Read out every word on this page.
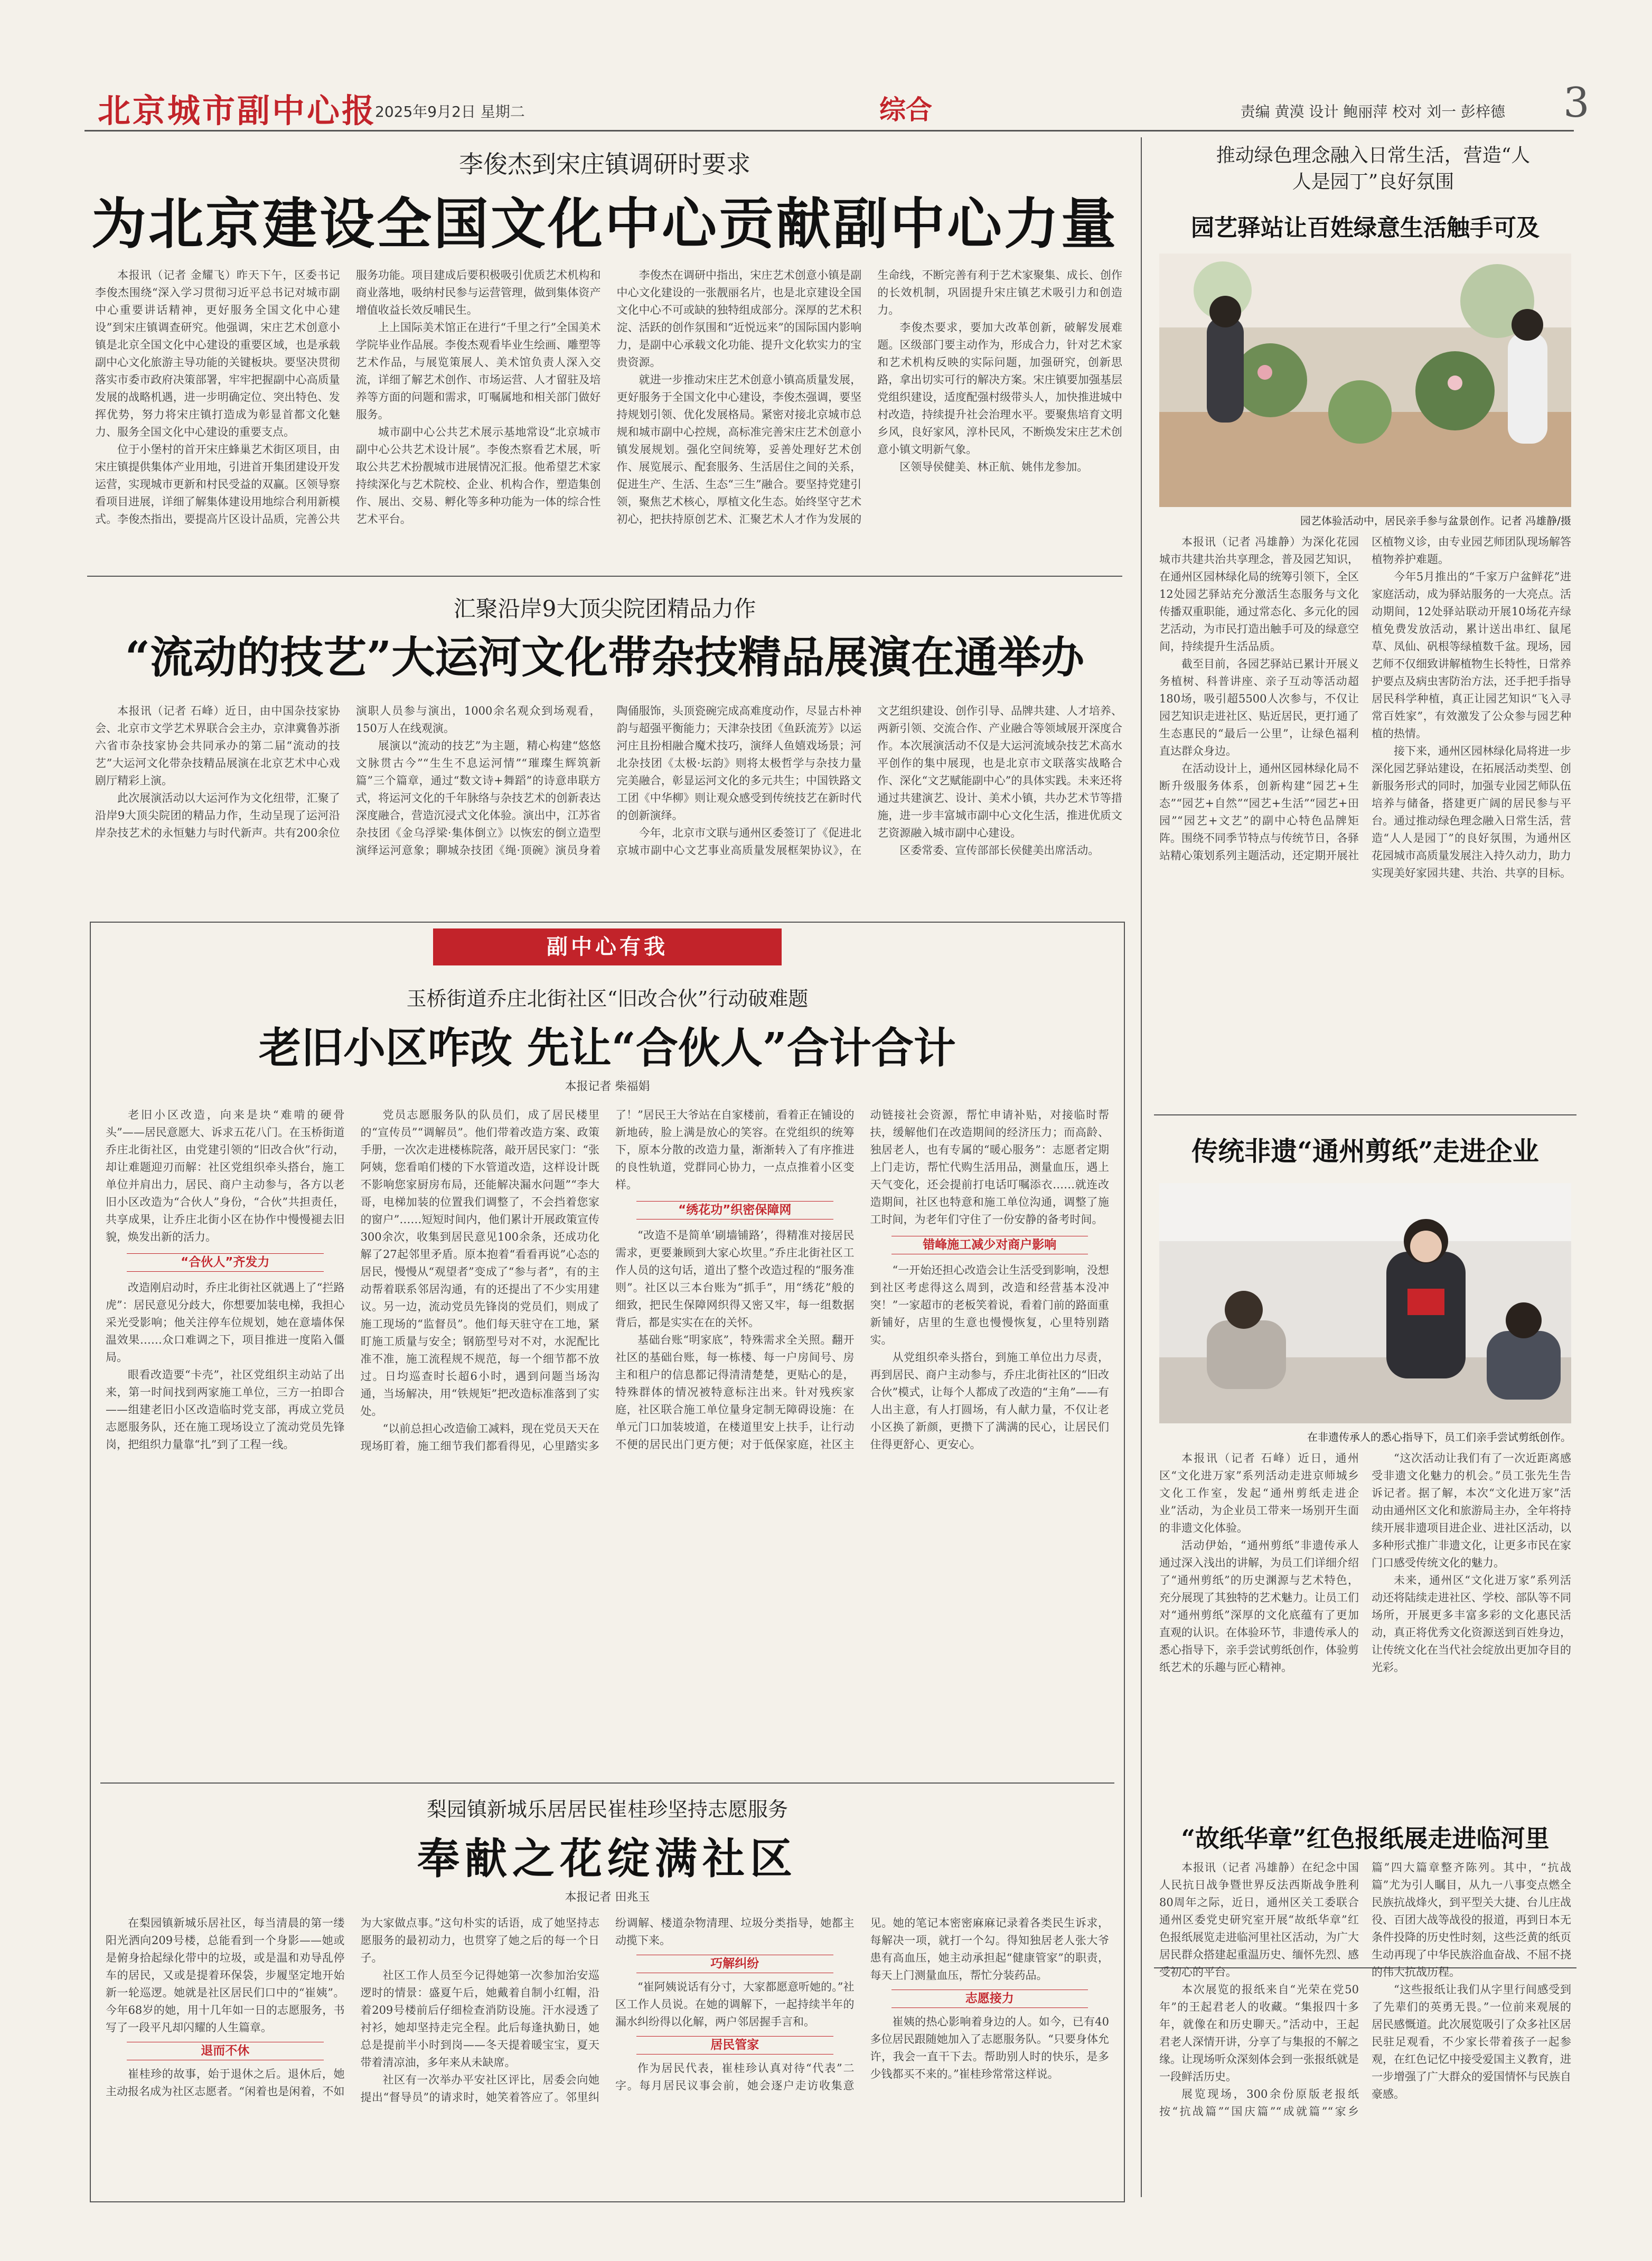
北京城市副中心报
2025年9月2日 星期二	综合	责编 黄漠 设计 鲍丽萍 校对 刘一 彭梓德 3
李俊杰到宋庄镇调研时要求
为北京建设全国文化中心贡献副中心力量

本报讯（记者 金耀飞）昨天下午，区委书记李俊杰围绕“深入学习贯彻习近平总书记对城市副中心重要讲话精神，更好服务全国文化中心建设”到宋庄镇调查研究。他强调，宋庄艺术创意小镇是北京全国文化中心建设的重要区域，也是承载副中心文化旅游主导功能的关键板块。要坚决贯彻落实市委市政府决策部署，牢牢把握副中心高质量发展的战略机遇，进一步明确定位、突出特色、发挥优势，努力将宋庄镇打造成为彰显首都文化魅力、服务全国文化中心建设的重要支点。

位于小堡村的首开宋庄蜂巢艺术街区项目，由宋庄镇提供集体产业用地，引进首开集团建设开发运营，实现城市更新和村民受益的双赢。区领导察看项目进展，详细了解集体建设用地综合利用新模式。李俊杰指出，要提高片区设计品质，完善公共服务功能。项目建成后要积极吸引优质艺术机构和商业落地，吸纳村民参与运营管理，做到集体资产增值收益长效反哺民生。

上上国际美术馆正在进行“千里之行”全国美术学院毕业作品展。李俊杰观看毕业生绘画、雕塑等艺术作品，与展览策展人、美术馆负责人深入交流，详细了解艺术创作、市场运营、人才留驻及培养等方面的问题和需求，叮嘱属地和相关部门做好服务。

城市副中心公共艺术展示基地常设“北京城市副中心公共艺术设计展”。李俊杰察看艺术展，听取公共艺术扮靓城市进展情况汇报。他希望艺术家持续深化与艺术院校、企业、机构合作，塑造集创作、展出、交易、孵化等多种功能为一体的综合性艺术平台。

李俊杰在调研中指出，宋庄艺术创意小镇是副中心文化建设的一张靓丽名片，也是北京建设全国文化中心不可或缺的独特组成部分。深厚的艺术积淀、活跃的创作氛围和“近悦远来”的国际国内影响力，是副中心承载文化功能、提升文化软实力的宝贵资源。

就进一步推动宋庄艺术创意小镇高质量发展，更好服务于全国文化中心建设，李俊杰强调，要坚持规划引领、优化发展格局。紧密对接北京城市总规和城市副中心控规，高标准完善宋庄艺术创意小镇发展规划。强化空间统筹，妥善处理好艺术创作、展览展示、配套服务、生活居住之间的关系，促进生产、生活、生态“三生”融合。要坚持党建引领，聚焦艺术核心，厚植文化生态。始终坚守艺术初心，把扶持原创艺术、汇聚艺术人才作为发展的生命线，不断完善有利于艺术家聚集、成长、创作的长效机制，巩固提升宋庄镇艺术吸引力和创造力。

李俊杰要求，要加大改革创新，破解发展难题。区级部门要主动作为，形成合力，针对艺术家和艺术机构反映的实际问题，加强研究，创新思路，拿出切实可行的解决方案。宋庄镇要加强基层党组织建设，适度配强村级带头人，加快推进城中村改造，持续提升社会治理水平。要聚焦培育文明乡风，良好家风，淳朴民风，不断焕发宋庄艺术创意小镇文明新气象。

区领导侯健美、林正航、姚伟龙参加。

汇聚沿岸9大顶尖院团精品力作
“流动的技艺”大运河文化带杂技精品展演在通举办

本报讯（记者 石峰）近日，由中国杂技家协会、北京市文学艺术界联合会主办，京津冀鲁苏浙六省市杂技家协会共同承办的第二届“流动的技艺”大运河文化带杂技精品展演在北京艺术中心戏剧厅精彩上演。

此次展演活动以大运河作为文化纽带，汇聚了沿岸9大顶尖院团的精品力作，生动呈现了运河沿岸杂技艺术的永恒魅力与时代新声。共有200余位演职人员参与演出，1000余名观众到场观看，150万人在线观演。

展演以“流动的技艺”为主题，精心构建“悠悠文脉贯古今”“生生不息运河情”“璀璨生辉筑新篇”三个篇章，通过“数文诗+舞蹈”的诗意串联方式，将运河文化的千年脉络与杂技艺术的创新表达深度融合，营造沉浸式文化体验。演出中，江苏省杂技团《金乌浮梁·集体倒立》以恢宏的倒立造型演绎运河意象；聊城杂技团《绳·顶碗》演员身着陶俑服饰，头顶瓷碗完成高难度动作，尽显古朴神韵与超强平衡能力；天津杂技团《鱼跃流芳》以运河庄且扮相融合魔术技巧，演绎人鱼嬉戏场景；河北杂技团《太极·坛韵》则将太极哲学与杂技力量完美融合，彰显运河文化的多元共生；中国铁路文工团《中华柳》则让观众感受到传统技艺在新时代的创新演绎。

今年，北京市文联与通州区委签订了《促进北京城市副中心文艺事业高质量发展框架协议》，在文艺组织建设、创作引导、品牌共建、人才培养、两新引领、交流合作、产业融合等领域展开深度合作。本次展演活动不仅是大运河流域杂技艺术高水平创作的集中展现，也是北京市文联落实战略合作、深化“文艺赋能副中心”的具体实践。未来还将通过共建演艺、设计、美术小镇，共办艺术节等措施，进一步丰富城市副中心文化生活，推进优质文艺资源融入城市副中心建设。

区委常委、宣传部部长侯健美出席活动。

副中心有我
玉桥街道乔庄北街社区“旧改合伙”行动破难题
老旧小区咋改 先让“合伙人”合计合计
本报记者 柴福娟

老旧小区改造，向来是块“难啃的硬骨头”——居民意愿大、诉求五花八门。在玉桥街道乔庄北街社区，由党建引领的“旧改合伙”行动，却让难题迎刃而解：社区党组织牵头搭台，施工单位并肩出力，居民、商户主动参与，各方以老旧小区改造为“合伙人”身份，“合伙”共担责任，共享成果，让乔庄北街小区在协作中慢慢褪去旧貌，焕发出新的活力。

“合伙人”齐发力

改造刚启动时，乔庄北街社区就遇上了“拦路虎”：居民意见分歧大，你想要加装电梯，我担心采光受影响；他关注停车位规划，她在意墙体保温效果……众口难调之下，项目推进一度陷入僵局。

眼看改造要“卡壳”，社区党组织主动站了出来，第一时间找到两家施工单位，三方一拍即合——组建老旧小区改造临时党支部，再成立党员志愿服务队，还在施工现场设立了流动党员先锋岗，把组织力量靠“扎”到了工程一线。

党员志愿服务队的队员们，成了居民楼里的“宣传员”“调解员”。他们带着改造方案、政策手册，一次次走进楼栋院落，敲开居民家门：“张阿姨，您看咱们楼的下水管道改造，这样设计既不影响您家厨房布局，还能解决漏水问题”“李大哥，电梯加装的位置我们调整了，不会挡着您家的窗户”……短短时间内，他们累计开展政策宣传300余次，收集到居民意见100余条，还成功化解了27起邻里矛盾。原本抱着“看看再说”心态的居民，慢慢从“观望者”变成了“参与者”，有的主动帮着联系邻居沟通，有的还提出了不少实用建议。另一边，流动党员先锋岗的党员们，则成了施工现场的“监督员”。他们每天驻守在工地，紧盯施工质量与安全；钢筋型号对不对，水泥配比准不准，施工流程规不规范，每一个细节都不放过。日均巡查时长超6小时，遇到问题当场沟通，当场解决，用“铁规矩”把改造标准落到了实处。

“以前总担心改造偷工减料，现在党员天天在现场盯着，施工细节我们都看得见，心里踏实多了！”居民王大爷站在自家楼前，看着正在铺设的新地砖，脸上满是放心的笑容。在党组织的统筹下，原本分散的改造力量，渐渐转入了有序推进的良性轨道，党群同心协力，一点点推着小区变样。

“绣花功”织密保障网

“改造不是简单‘刷墙铺路’，得精准对接居民需求，更要兼顾到大家心坎里。”乔庄北街社区工作人员的这句话，道出了整个改造过程的“服务准则”。社区以三本台账为“抓手”，用“绣花”般的细致，把民生保障网织得又密又牢，每一组数据背后，都是实实在在的关怀。

基础台账“明家底”，特殊需求全关照。翻开社区的基础台账，每一栋楼、每一户房间号、房主和租户的信息都记得清清楚楚，更贴心的是，特殊群体的情况被特意标注出来。针对残疾家庭，社区联合施工单位量身定制无障碍设施：在单元门口加装坡道，在楼道里安上扶手，让行动不便的居民出门更方便；对于低保家庭，社区主动链接社会资源，帮忙申请补贴，对接临时帮扶，缓解他们在改造期间的经济压力；而高龄、独居老人，也有专属的“暖心服务”：志愿者定期上门走访，帮忙代购生活用品，测量血压，遇上天气变化，还会提前打电话叮嘱添衣……就连改造期间，社区也特意和施工单位沟通，调整了施工时间，为老年们守住了一份安静的备考时间。

错峰施工减少对商户影响

“一开始还担心改造会让生活受到影响，没想到社区考虑得这么周到，改造和经营基本没冲突！”一家超市的老板笑着说，看着门前的路面重新铺好，店里的生意也慢慢恢复，心里特别踏实。

从党组织牵头搭台，到施工单位出力尽责，再到居民、商户主动参与，乔庄北街社区的“旧改合伙”模式，让每个人都成了改造的“主角”——有人出主意，有人打圆场，有人献力量，不仅让老小区换了新颜，更攒下了满满的民心，让居民们住得更舒心、更安心。

梨园镇新城乐居居民崔桂珍坚持志愿服务
奉献之花绽满社区
本报记者 田兆玉

在梨园镇新城乐居社区，每当清晨的第一缕阳光洒向209号楼，总能看到一个身影——她或是俯身拾起绿化带中的垃圾，或是温和劝导乱停车的居民，又或是提着环保袋，步履坚定地开始新一轮巡逻。她就是社区居民们口中的“崔姨”。今年68岁的她，用十几年如一日的志愿服务，书写了一段平凡却闪耀的人生篇章。

退而不休

崔桂珍的故事，始于退休之后。退休后，她主动报名成为社区志愿者。“闲着也是闲着，不如为大家做点事。”这句朴实的话语，成了她坚持志愿服务的最初动力，也贯穿了她之后的每一个日子。

社区工作人员至今记得她第一次参加治安巡逻时的情景：盛夏午后，她戴着自制小红帽，沿着209号楼前后仔细检查消防设施。汗水浸透了衬衫，她却坚持走完全程。此后每逢执勤日，她总是提前半小时到岗——冬天提着暖宝宝，夏天带着清凉油，多年来从未缺席。

社区有一次举办平安社区评比，居委会向她提出“督导员”的请求时，她笑着答应了。邻里纠纷调解、楼道杂物清理、垃圾分类指导，她都主动揽下来。

巧解纠纷

“崔阿姨说话有分寸，大家都愿意听她的。”社区工作人员说。在她的调解下，一起持续半年的漏水纠纷得以化解，两户邻居握手言和。

居民管家

作为居民代表，崔桂珍认真对待“代表”二字。每月居民议事会前，她会逐户走访收集意见。她的笔记本密密麻麻记录着各类民生诉求，每解决一项，就打一个勾。得知独居老人张大爷患有高血压，她主动承担起“健康管家”的职责，每天上门测量血压，帮忙分装药品。

志愿接力

崔姨的热心影响着身边的人。如今，已有40多位居民跟随她加入了志愿服务队。“只要身体允许，我会一直干下去。帮助别人时的快乐，是多少钱都买不来的。”崔桂珍常常这样说。

推动绿色理念融入日常生活，营造“人人是园丁”良好氛围
园艺驿站让百姓绿意生活触手可及
园艺体验活动中，居民亲手参与盆景创作。记者 冯雄静/摄

本报讯（记者 冯雄静）为深化花园城市共建共治共享理念，普及园艺知识，在通州区园林绿化局的统筹引领下，全区12处园艺驿站充分激活生态服务与文化传播双重职能，通过常态化、多元化的园艺活动，为市民打造出触手可及的绿意空间，持续提升生活品质。

截至目前，各园艺驿站已累计开展义务植树、科普讲座、亲子互动等活动超180场，吸引超5500人次参与，不仅让园艺知识走进社区、贴近居民，更打通了生态惠民的“最后一公里”，让绿色福利直达群众身边。

在活动设计上，通州区园林绿化局不断升级服务体系，创新构建“园艺+生态”“园艺+自然”“园艺+生活”“园艺+田园”“园艺+文艺”的副中心特色品牌矩阵。围绕不同季节特点与传统节日，各驿站精心策划系列主题活动，还定期开展社区植物义诊，由专业园艺师团队现场解答植物养护难题。

今年5月推出的“千家万户盆鲜花”进家庭活动，成为驿站服务的一大亮点。活动期间，12处驿站联动开展10场花卉绿植免费发放活动，累计送出串红、鼠尾草、凤仙、矾根等绿植数千盆。现场，园艺师不仅细致讲解植物生长特性，日常养护要点及病虫害防治方法，还手把手指导居民科学种植，真正让园艺知识“飞入寻常百姓家”，有效激发了公众参与园艺种植的热情。

接下来，通州区园林绿化局将进一步深化园艺驿站建设，在拓展活动类型、创新服务形式的同时，加强专业园艺师队伍培养与储备，搭建更广阔的居民参与平台。通过推动绿色理念融入日常生活，营造“人人是园丁”的良好氛围，为通州区花园城市高质量发展注入持久动力，助力实现美好家园共建、共治、共享的目标。

传统非遗“通州剪纸”走进企业
在非遗传承人的悉心指导下，员工们亲手尝试剪纸创作。

本报讯（记者 石峰）近日，通州区“文化进万家”系列活动走进京师城乡文化工作室，发起“通州剪纸走进企业”活动，为企业员工带来一场别开生面的非遗文化体验。

活动伊始，“通州剪纸”非遗传承人通过深入浅出的讲解，为员工们详细介绍了“通州剪纸”的历史渊源与艺术特色，充分展现了其独特的艺术魅力。让员工们对“通州剪纸”深厚的文化底蕴有了更加直观的认识。在体验环节，非遗传承人的悉心指导下，亲手尝试剪纸创作，体验剪纸艺术的乐趣与匠心精神。

“这次活动让我们有了一次近距离感受非遗文化魅力的机会。”员工张先生告诉记者。据了解，本次“文化进万家”活动由通州区文化和旅游局主办，全年将持续开展非遗项目进企业、进社区活动，以多种形式推广非遗文化，让更多市民在家门口感受传统文化的魅力。

未来，通州区“文化进万家”系列活动还将陆续走进社区、学校、部队等不同场所，开展更多丰富多彩的文化惠民活动，真正将优秀文化资源送到百姓身边，让传统文化在当代社会绽放出更加夺目的光彩。

“故纸华章”红色报纸展走进临河里

本报讯（记者 冯雄静）在纪念中国人民抗日战争暨世界反法西斯战争胜利80周年之际，近日，通州区关工委联合通州区委党史研究室开展“故纸华章”红色报纸展览走进临河里社区活动，为广大居民群众搭建起重温历史、缅怀先烈、感受初心的平台。

本次展览的报纸来自“光荣在党50年”的王起君老人的收藏。“集报四十多年，就像在和历史聊天。”活动中，王起君老人深情开讲，分享了与集报的不解之缘。让现场听众深刻体会到一张报纸就是一段鲜活历史。

展览现场，300余份原版老报纸按“抗战篇”“国庆篇”“成就篇”“家乡篇”四大篇章整齐陈列。其中，“抗战篇”尤为引人瞩目，从九一八事变点燃全民族抗战烽火，到平型关大捷、台儿庄战役、百团大战等战役的报道，再到日本无条件投降的历史性时刻，这些泛黄的纸页生动再现了中华民族浴血奋战、不屈不挠的伟大抗战历程。

“这些报纸让我们从字里行间感受到了先辈们的英勇无畏。”一位前来观展的居民感慨道。此次展览吸引了众多社区居民驻足观看，不少家长带着孩子一起参观，在红色记忆中接受爱国主义教育，进一步增强了广大群众的爱国情怀与民族自豪感。
